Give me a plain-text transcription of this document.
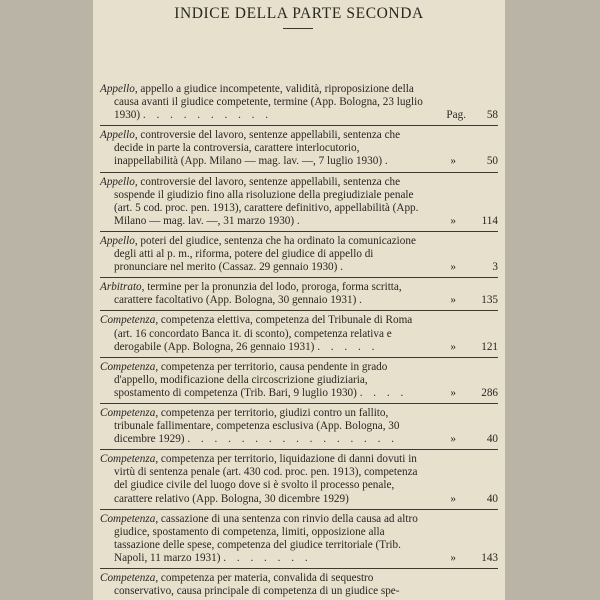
INDICE DELLA PARTE SECONDA
Appello, appello a giudice incompetente, validità, riproposizione della causa avanti il giudice competente, termine (App. Bologna, 23 luglio 1930) . . . . . . . . . .	Pag. 58
Appello, controversie del lavoro, sentenze appellabili, sentenza che decide in parte la controversia, carattere interlocutorio, inappellabilità (App. Milano — mag. lav. —, 7 luglio 1930) .	»	50
Appello, controversie del lavoro, sentenze appellabili, sentenza che sospende il giudizio fino alla risoluzione della pregiudiziale penale (art. 5 cod. proc. pen. 1913), carattere definitivo, appellabilità (App. Milano — mag. lav. —, 31 marzo 1930) .	» 114
Appello, poteri del giudice, sentenza che ha ordinato la comunicazione degli atti al p. m., riforma, potere del giudice di appello di pronunciare nel merito (Cassaz. 29 gennaio 1930) .	»	3
Arbitrato, termine per la pronunzia del lodo, proroga, forma scritta, carattere facoltativo (App. Bologna, 30 gennaio 1931) .	» 135
Competenza, competenza elettiva, competenza del Tribunale di Roma (art. 16 concordato Banca it. di sconto), competenza relativa e derogabile (App. Bologna, 26 gennaio 1931) . . . . .	» 121
Competenza, competenza per territorio, causa pendente in grado d'appello, modificazione della circoscrizione giudiziaria, spostamento di competenza (Trib. Bari, 9 luglio 1930) . . . .	» 286
Competenza, competenza per territorio, giudizi contro un fallito, tribunale fallimentare, competenza esclusiva (App. Bologna, 30 dicembre 1929) . . . . . . . . . . . . . . . .	»	40
Competenza, competenza per territorio, liquidazione di danni dovuti in virtù di sentenza penale (art. 430 cod. proc. pen. 1913), competenza del giudice civile del luogo dove si è svolto il processo penale, carattere relativo (App. Bologna, 30 dicembre 1929)	»	40
Competenza, cassazione di una sentenza con rinvio della causa ad altro giudice, spostamento di competenza, limiti, opposizione alla tassazione delle spese, competenza del giudice territoriale (Trib. Napoli, 11 marzo 1931) . . . . . . .	» 143
Competenza, competenza per materia, convalida di sequestro conservativo, causa principale di competenza di un giudice spe-
